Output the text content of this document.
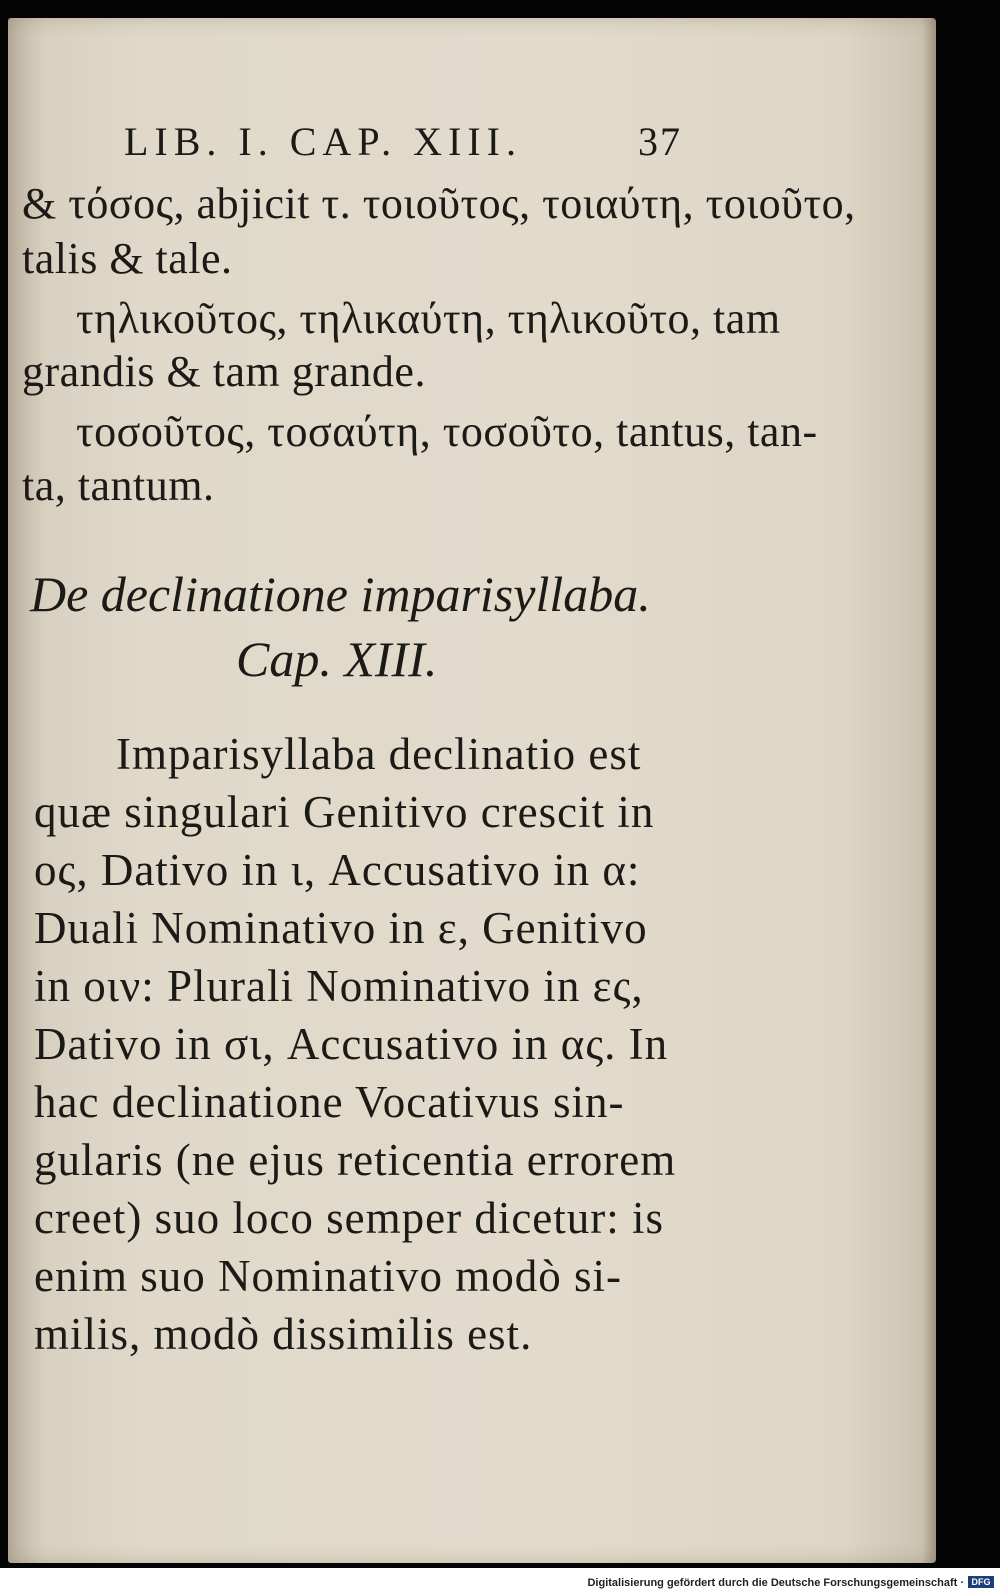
LIB. I. CAP. XIII.	37
& τόσος, abjicit τ. τοιοῦτος, τοιαύτη, τοιοῦτο,
talis & tale.
τηλικοῦτος, τηλικαύτη, τηλικοῦτο, tam
grandis & tam grande.
τοσοῦτος, τοσαύτη, τοσοῦτο, tantus, tan-
ta, tantum.
De declinatione imparisyllaba.
Cap. XIII.
Imparisyllaba declinatio est
quæ singulari Genitivo crescit in
ος, Dativo in ι, Accusativo in α:
Duali Nominativo in ε, Genitivo
in οιν: Plurali Nominativo in ες,
Dativo in σι, Accusativo in ας. In
hac declinatione Vocativus sin-
gularis (ne ejus reticentia errorem
creet) suo loco semper dicetur: is
enim suo Nominativo modò si-
milis, modò dissimilis est.
Digitalisierung gefördert durch die Deutsche Forschungsgemeinschaft · DFG
